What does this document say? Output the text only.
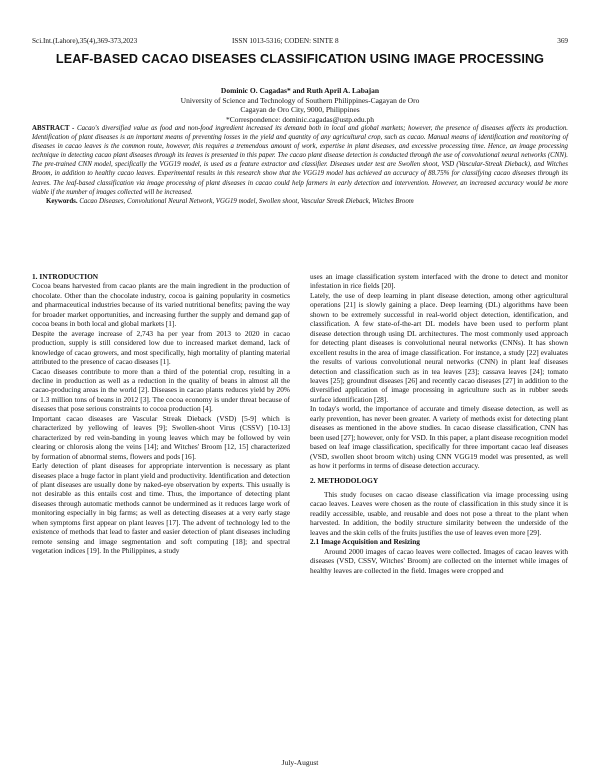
Sci.Int.(Lahore),35(4),369-373,2023	ISSN 1013-5316; CODEN: SINTE 8	369
LEAF-BASED CACAO DISEASES CLASSIFICATION USING IMAGE PROCESSING
Dominic O. Cagadas* and Ruth April A. Labajan
University of Science and Technology of Southern Philippines-Cagayan de Oro
Cagayan de Oro City, 9000, Philippines
*Correspondence: dominic.cagadas@ustp.edu.ph
ABSTRACT - Cacao's diversified value as food and non-food ingredient increased its demand both in local and global markets; however, the presence of diseases affects its production. Identification of plant diseases is an important means of preventing losses in the yield and quantity of any agricultural crop, such as cacao. Manual means of identification and monitoring of diseases in cacao leaves is the common route, however, this requires a tremendous amount of work, expertise in plant diseases, and excessive processing time. Hence, an image processing technique in detecting cacao plant diseases through its leaves is presented in this paper. The cacao plant disease detection is conducted through the use of convolutional neural networks (CNN). The pre-trained CNN model, specifically the VGG19 model, is used as a feature extractor and classifier. Diseases under test are Swollen shoot, VSD (Vascular-Streak Dieback), and Witches Broom, in addition to healthy cacao leaves. Experimental results in this research show that the VGG19 model has achieved an accuracy of 88.75% for classifying cacao diseases through its leaves. The leaf-based classification via image processing of plant diseases in cacao could help farmers in early detection and intervention. However, an increased accuracy would be more viable if the number of images collected will be increased.
Keywords. Cacao Diseases, Convolutional Neural Network, VGG19 model, Swollen shoot, Vascular Streak Dieback, Witches Broom

1. INTRODUCTION

Cocoa beans harvested from cacao plants are the main ingredient in the production of chocolate. Other than the chocolate industry, cocoa is gaining popularity in cosmetics and pharmaceutical industries because of its varied nutritional benefits; paving the way for broader market opportunities, and increasing further the supply and demand gap of cocoa beans in both local and global markets [1].

Despite the average increase of 2,743 ha per year from 2013 to 2020 in cacao production, supply is still considered low due to increased market demand, lack of knowledge of cacao growers, and most specifically, high mortality of planting material attributed to the presence of cacao diseases [1].

Cacao diseases contribute to more than a third of the potential crop, resulting in a decline in production as well as a reduction in the quality of beans in almost all the cacao-producing areas in the world [2]. Diseases in cacao plants reduces yield by 20% or 1.3 million tons of beans in 2012 [3]. The cocoa economy is under threat because of diseases that pose serious constraints to cocoa production [4].

Important cacao diseases are Vascular Streak Dieback (VSD) [5-9] which is characterized by yellowing of leaves [9]; Swollen-shoot Virus (CSSV) [10-13] characterized by red vein-banding in young leaves which may be followed by vein clearing or chlorosis along the veins [14]; and Witches' Broom [12, 15] characterized by formation of abnormal stems, flowers and pods [16].

Early detection of plant diseases for appropriate intervention is necessary as plant diseases place a huge factor in plant yield and productivity. Identification and detection of plant diseases are usually done by naked-eye observation by experts. This usually is not desirable as this entails cost and time. Thus, the importance of detecting plant diseases through automatic methods cannot be undermined as it reduces large work of monitoring especially in big farms; as well as detecting diseases at a very early stage when symptoms first appear on plant leaves [17]. The advent of technology led to the existence of methods that lead to faster and easier detection of plant diseases including remote sensing and image segmentation and soft computing [18]; and spectral vegetation indices [19]. In the Philippines, a study

uses an image classification system interfaced with the drone to detect and monitor infestation in rice fields [20].

Lately, the use of deep learning in plant disease detection, among other agricultural operations [21] is slowly gaining a place. Deep learning (DL) algorithms have been shown to be extremely successful in real-world object detection, identification, and classification. A few state-of-the-art DL models have been used to perform plant disease detection through using DL architectures. The most commonly used approach for detecting plant diseases is convolutional neural networks (CNNs). It has shown excellent results in the area of image classification. For instance, a study [22] evaluates the results of various convolutional neural networks (CNN) in plant leaf diseases detection and classification such as in tea leaves [23]; cassava leaves [24]; tomato leaves [25]; groundnut diseases [26] and recently cacao diseases [27] in addition to the diversified application of image processing in agriculture such as in rubber seeds surface identification [28].

In today's world, the importance of accurate and timely disease detection, as well as early prevention, has never been greater. A variety of methods exist for detecting plant diseases as mentioned in the above studies. In cacao disease classification, CNN has been used [27]; however, only for VSD. In this paper, a plant disease recognition model based on leaf image classification, specifically for three important cacao leaf diseases (VSD, swollen shoot broom witch) using CNN VGG19 model was presented, as well as how it performs in terms of disease detection accuracy.

2. METHODOLOGY

This study focuses on cacao disease classification via image processing using cacao leaves. Leaves were chosen as the route of classification in this study since it is readily accessible, usable, and reusable and does not pose a threat to the plant when harvested. In addition, the bodily structure similarity between the underside of the leaves and the skin cells of the fruits justifies the use of leaves even more [29].

2.1 Image Acquisition and Resizing

Around 2000 images of cacao leaves were collected. Images of cacao leaves with diseases (VSD, CSSV, Witches' Broom) are collected on the internet while images of healthy leaves are collected in the field. Images were cropped and

July-August
